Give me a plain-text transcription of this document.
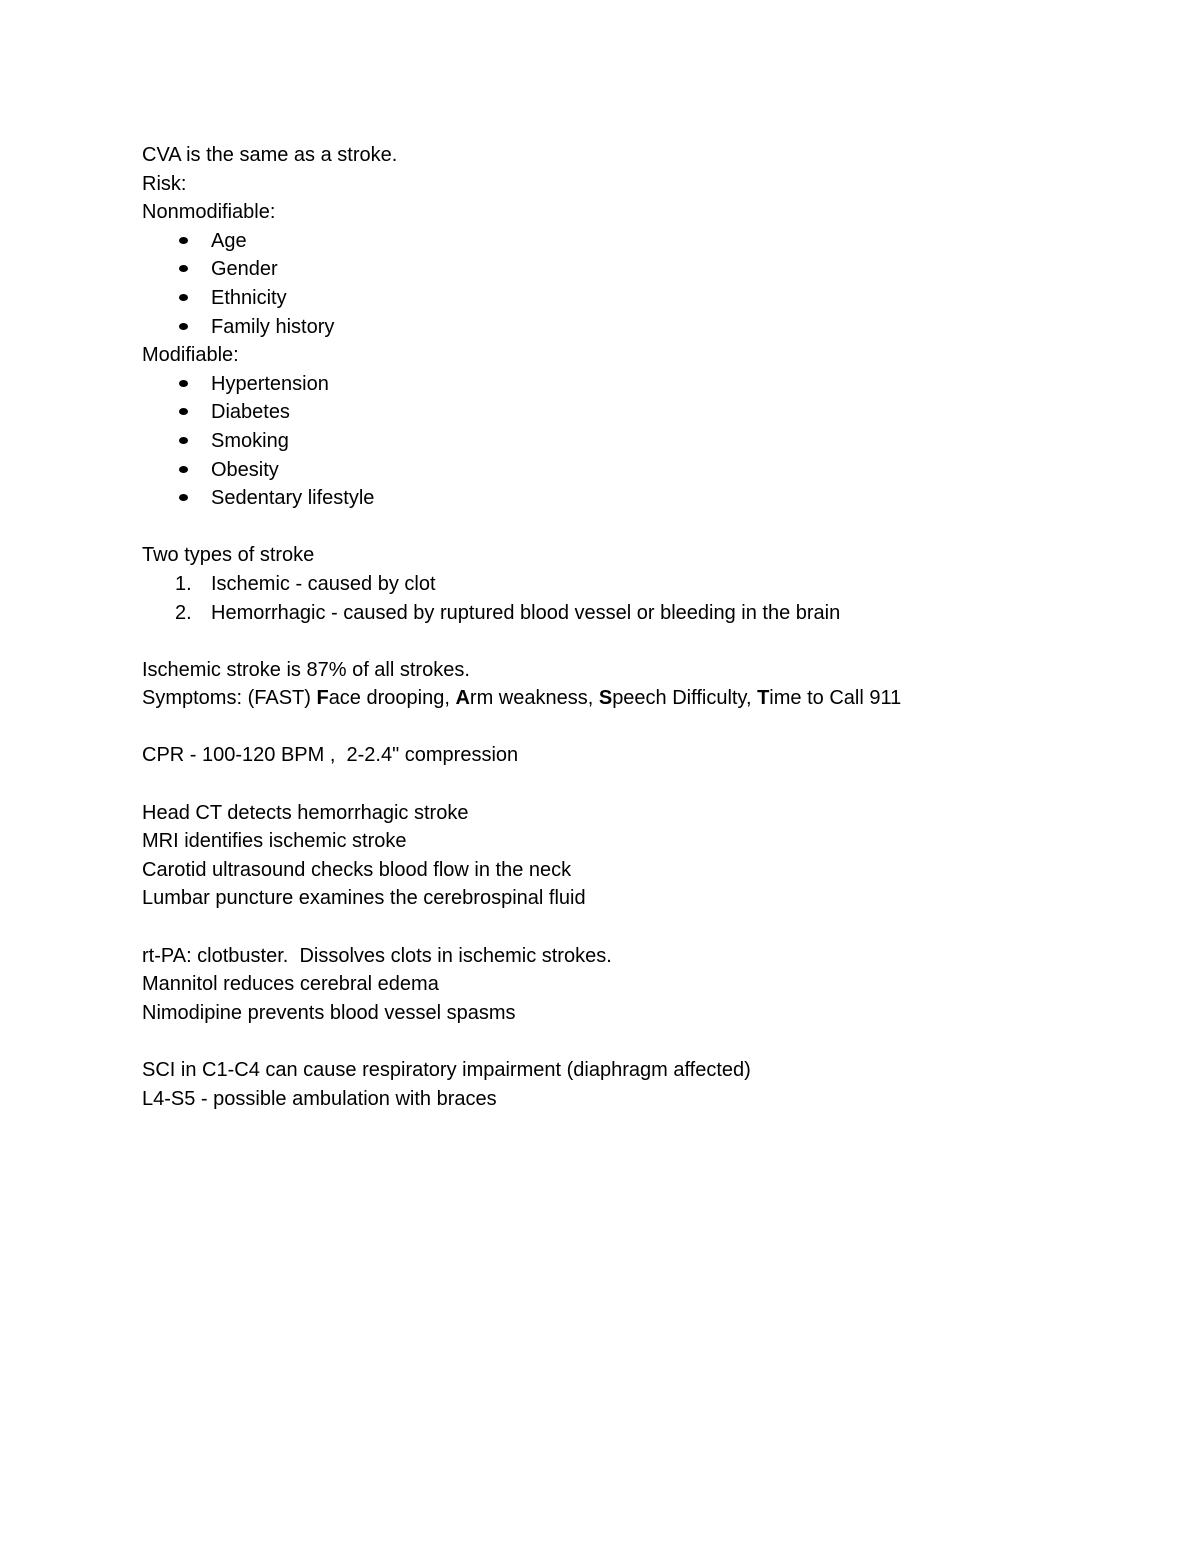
CVA is the same as a stroke.

Risk:

Nonmodifiable:

Age
Gender
Ethnicity
Family history

Modifiable:

Hypertension
Diabetes
Smoking
Obesity
Sedentary lifestyle

Two types of stroke

1. Ischemic - caused by clot
2. Hemorrhagic - caused by ruptured blood vessel or bleeding in the brain

Ischemic stroke is 87% of all strokes.

Symptoms: (FAST) Face drooping, Arm weakness, Speech Difficulty, Time to Call 911

CPR - 100-120 BPM ,  2-2.4" compression

Head CT detects hemorrhagic stroke

MRI identifies ischemic stroke

Carotid ultrasound checks blood flow in the neck

Lumbar puncture examines the cerebrospinal fluid

rt-PA: clotbuster.  Dissolves clots in ischemic strokes.

Mannitol reduces cerebral edema

Nimodipine prevents blood vessel spasms

SCI in C1-C4 can cause respiratory impairment (diaphragm affected)

L4-S5 - possible ambulation with braces
